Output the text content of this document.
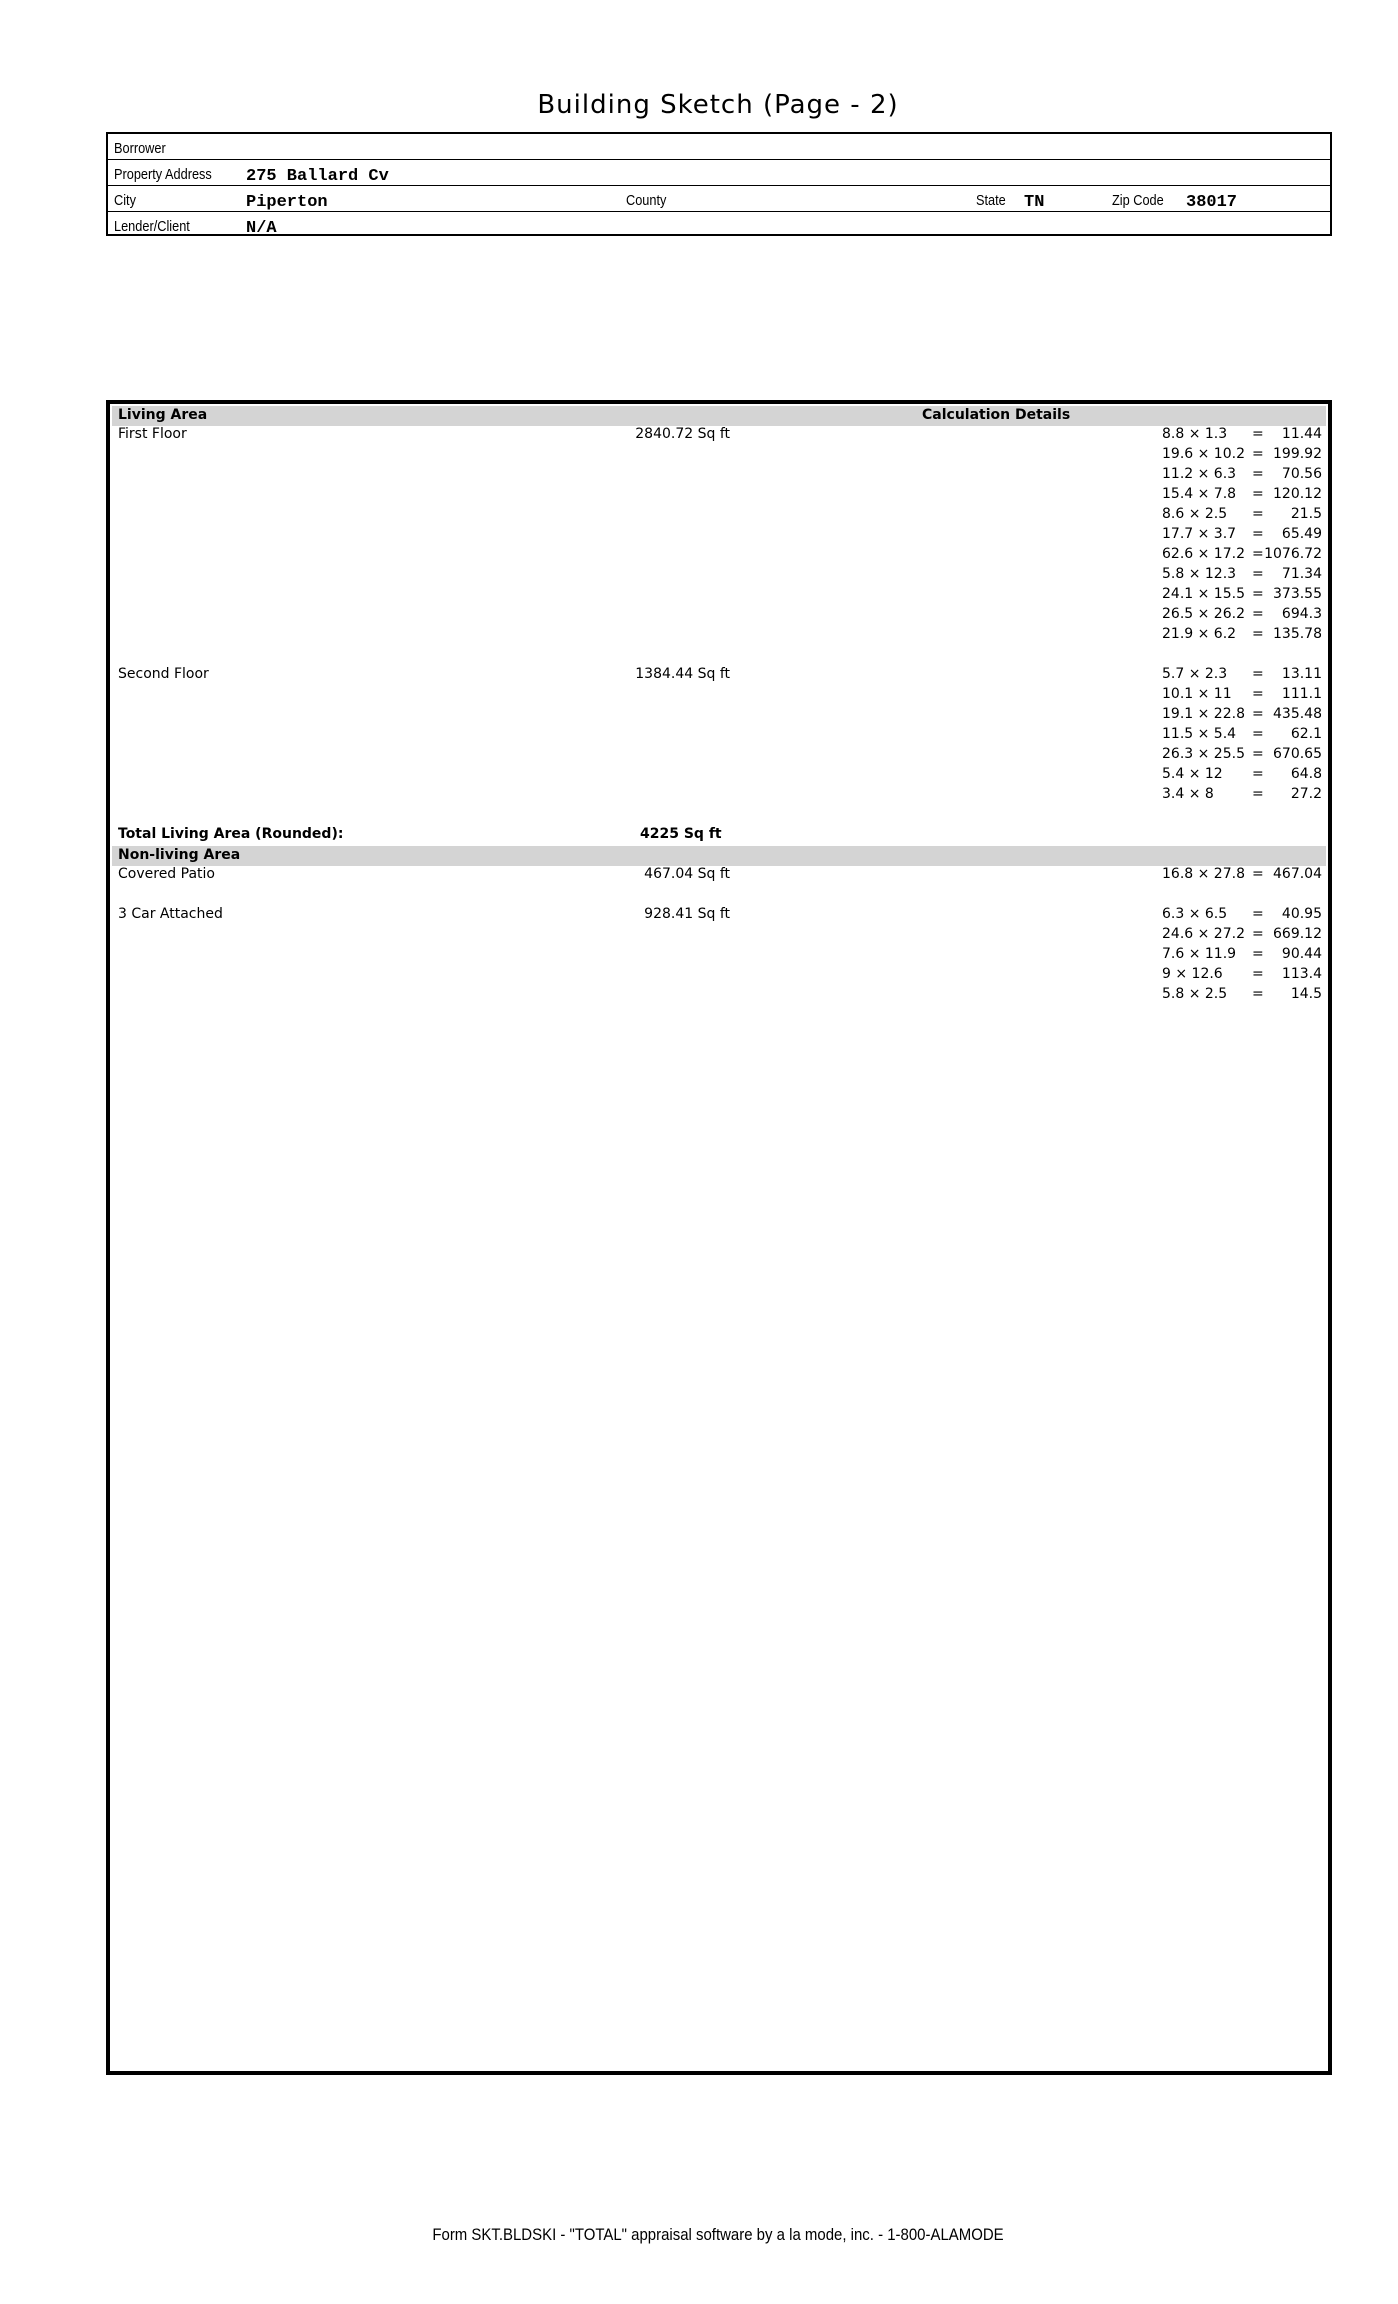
Building Sketch (Page - 2)
Borrower
Property Address 275 Ballard Cv
City	Piperton	County	State TN	Zip Code 38017
Lender/Client	N/A
Living Area	Calculation Details
First Floor	2840.72 Sq ft	8.8 × 1.3 = 11.44
19.6 × 10.2 = 199.92
11.2 × 6.3 = 70.56
15.4 × 7.8 = 120.12
8.6 × 2.5 = 21.5
17.7 × 3.7 = 65.49
62.6 × 17.2 = 1076.72
5.8 × 12.3 = 71.34
24.1 × 15.5 = 373.55
26.5 × 26.2 = 694.3
21.9 × 6.2 = 135.78
Second Floor	1384.44 Sq ft	5.7 × 2.3 = 13.11
10.1 × 11 = 111.1
19.1 × 22.8 = 435.48
11.5 × 5.4 = 62.1
26.3 × 25.5 = 670.65
5.4 × 12 = 64.8
3.4 × 8	= 27.2
Total Living Area (Rounded):	4225 Sq ft
Non-living Area
Covered Patio	467.04 Sq ft	16.8 × 27.8 = 467.04
3 Car Attached	928.41 Sq ft	6.3 × 6.5 = 40.95
24.6 × 27.2 = 669.12
7.6 × 11.9 = 90.44
9 × 12.6 = 113.4
5.8 × 2.5 = 14.5
Form SKT.BLDSKI - "TOTAL" appraisal software by a la mode, inc. - 1-800-ALAMODE
